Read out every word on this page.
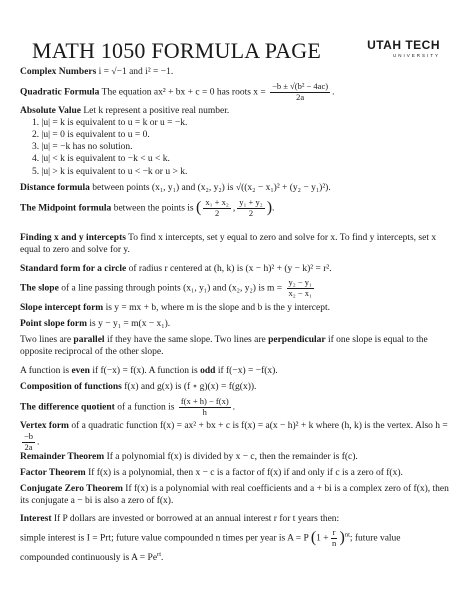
MATH 1050 FORMULA PAGE	UTAH TECH
UNIVERSITY
Complex Numbers i = √−1 and i² = −1.
Quadratic Formula The equation ax² + bx + c = 0 has roots $x = \frac{\text{−b ± √(b² − 4ac)}}{2a}$ .
Absolute Value Let k represent a positive real number.
1. |u| = k is equivalent to u = k or u = −k.
2. |u| = 0 is equivalent to u = 0.
3. |u| = −k has no solution.
4. |u| < k is equivalent to −k < u < k.
5. |u| > k is equivalent to u < −k or u > k.
Distance formula between points (x₁, y₁) and (x₂, y₂) is √((x₂ − x₁)² + (y₂ − y₁)²).
The Midpoint formula between the points is ( $\frac{\text{x₁ + x₂}}{2}$ , $\frac{\text{y₁ + y₂}}{2}$ ).
Finding x and y intercepts To find x intercepts, set y equal to zero and solve for x. To find y intercepts, set x equal to zero and solve for y.
Standard form for a circle of radius r centered at (h, k) is (x − h)² + (y − k)² = r².
The slope of a line passing through points (x₁, y₁) and (x₂, y₂) is $m = \frac{\text{y₂ − y₁}}{\text{x₂ − x₁}}$
Slope intercept form is y = mx + b, where m is the slope and b is the y intercept.
Point slope form is y − y₁ = m(x − x₁).
Two lines are parallel if they have the same slope. Two lines are perpendicular if one slope is equal to the opposite reciprocal of the other slope.
A function is even if f(−x) = f(x). A function is odd if f(−x) = −f(x).
Composition of functions f(x) and g(x) is (f ∘ g)(x) = f(g(x)).
The difference quotient of a function is $\frac{f(x + h) - f(x)}{h}$ .
Vertex form of a quadratic function f(x) = ax² + bx + c is f(x) = a(x − h)² + k where (h, k) is the vertex. Also h =
$\frac{-b}{2a}$ .
Remainder Theorem If a polynomial f(x) is divided by x − c, then the remainder is f(c).
Factor Theorem If f(x) is a polynomial, then x − c is a factor of f(x) if and only if c is a zero of f(x).
Conjugate Zero Theorem If f(x) is a polynomial with real coefficients and a + bi is a complex zero of f(x), then its conjugate a − bi is also a zero of f(x).
Interest If P dollars are invested or borrowed at an annual interest r for t years then:
simple interest is I = Prt; future value compounded n times per year is A = P $(1 + \frac{r}{n} )^{nt}$; future value
compounded continuously is $A = Pe^{rt}$.
